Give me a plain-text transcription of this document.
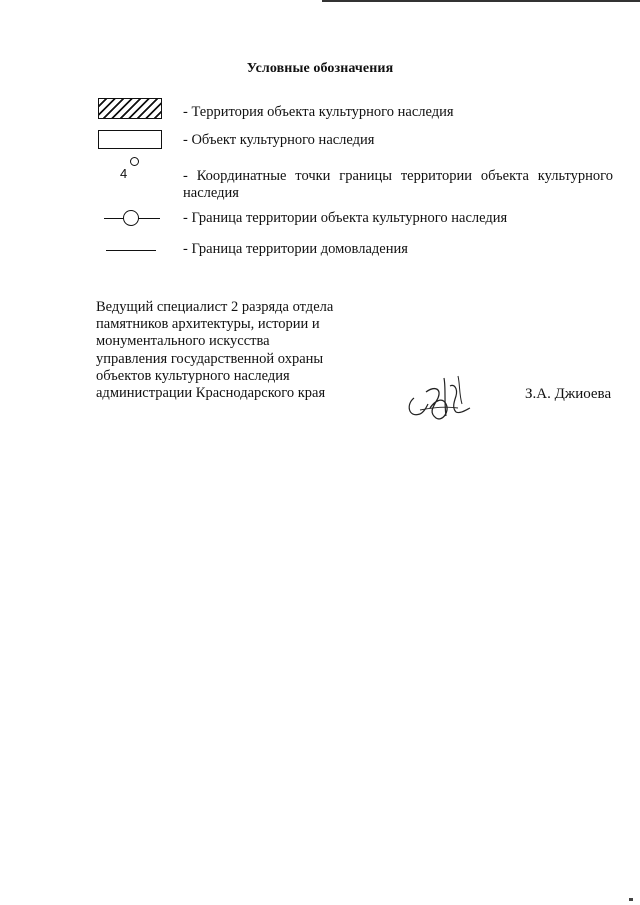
Условные обозначения
- Территория объекта культурного наследия
- Объект культурного наследия
4	- Координатные точки границы территории объекта культурного наследия
- Граница территории объекта культурного наследия
- Граница территории домовладения
Ведущий специалист 2 разряда отдела
памятников архитектуры, истории и
монументального искусства
управления государственной охраны
объектов культурного наследия
администрации Краснодарского края	З.А. Джиоева
